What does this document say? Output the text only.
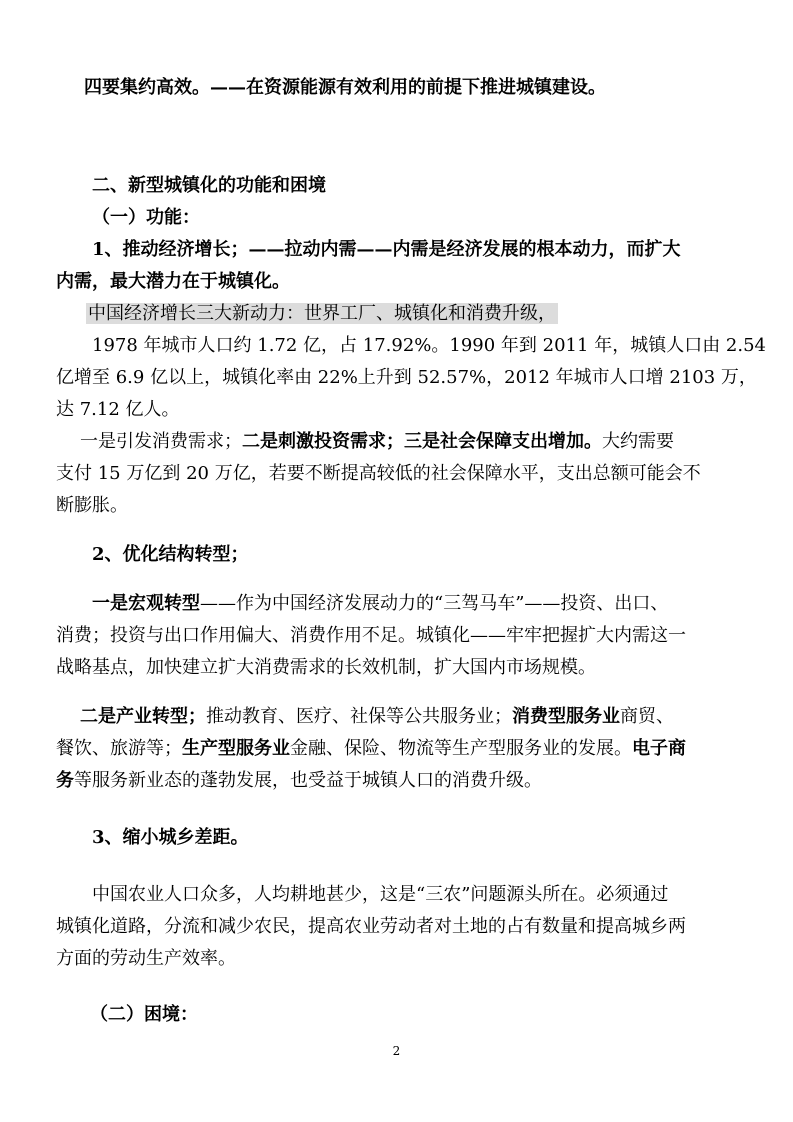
四要集约高效。——在资源能源有效利用的前提下推进城镇建设。
二、新型城镇化的功能和困境
（一）功能：
1、推动经济增长；——拉动内需——内需是经济发展的根本动力，而扩大
内需，最大潜力在于城镇化。
中国经济增长三大新动力：世界工厂、城镇化和消费升级，
1978 年城市人口约 1.72 亿，占 17.92%。1990 年到 2011 年，城镇人口由 2.54
亿增至 6.9 亿以上，城镇化率由 22%上升到 52.57%，2012 年城市人口增 2103 万，
达 7.12 亿人。
一是引发消费需求；二是刺激投资需求；三是社会保障支出增加。大约需要
支付 15 万亿到 20 万亿，若要不断提高较低的社会保障水平，支出总额可能会不
断膨胀。
2、优化结构转型；
一是宏观转型——作为中国经济发展动力的“三驾马车”——投资、出口、
消费；投资与出口作用偏大、消费作用不足。城镇化——牢牢把握扩大内需这一
战略基点，加快建立扩大消费需求的长效机制，扩大国内市场规模。
二是产业转型；推动教育、医疗、社保等公共服务业；消费型服务业商贸、
餐饮、旅游等；生产型服务业金融、保险、物流等生产型服务业的发展。电子商
务等服务新业态的蓬勃发展，也受益于城镇人口的消费升级。
3、缩小城乡差距。
中国农业人口众多，人均耕地甚少，这是“三农”问题源头所在。必须通过
城镇化道路，分流和减少农民，提高农业劳动者对土地的占有数量和提高城乡两
方面的劳动生产效率。
（二）困境：
2
